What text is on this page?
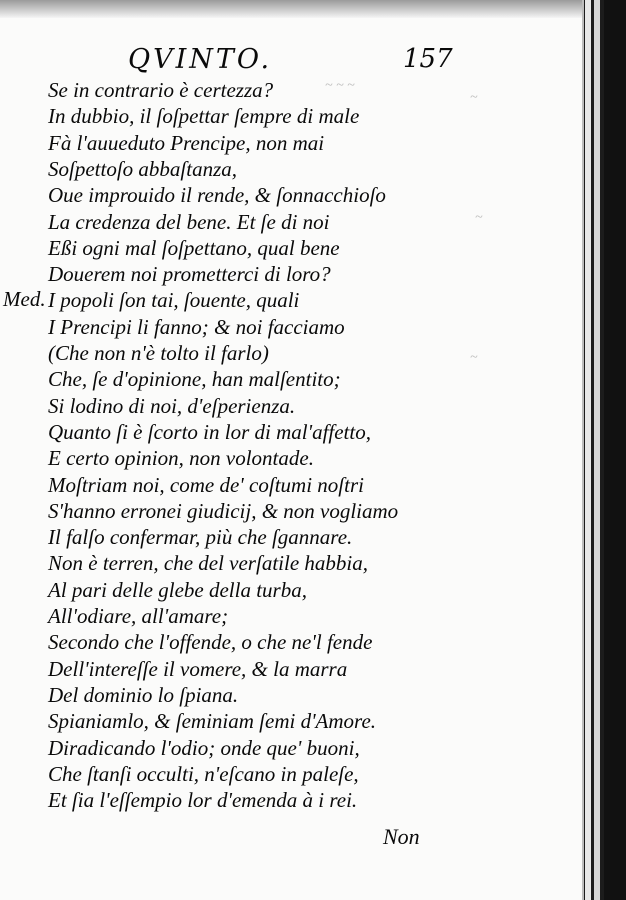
QVINTO.	157
Med.
Se in contrario è certezza?
In dubbio, il ſoſpettar ſempre di male
Fà l'auueduto Prencipe, non mai
Soſpettoſo abbaſtanza,
Oue improuido il rende, & ſonnacchioſo
La credenza del bene. Et ſe di noi
Eßi ogni mal ſoſpettano, qual bene
Douerem noi prometterci di loro?
I popoli ſon tai, ſouente, quali
I Prencipi li fanno; & noi facciamo
(Che non n'è tolto il farlo)
Che, ſe d'opinione, han malſentito;
Si lodino di noi, d'eſperienza.
Quanto ſi è ſcorto in lor di mal'affetto,
E certo opinion, non volontade.
Moſtriam noi, come de' coſtumi noſtri
S'hanno erronei giudicij, & non vogliamo
Il falſo confermar, più che ſgannare.
Non è terren, che del verſatile habbia,
Al pari delle glebe della turba,
All'odiare, all'amare;
Secondo che l'offende, o che ne'l fende
Dell'intereſſe il vomere, & la marra
Del dominio lo ſpiana.
Spianiamlo, & ſeminiam ſemi d'Amore.
Diradicando l'odio; onde que' buoni,
Che ſtanſi occulti, n'eſcano in paleſe,
Et ſia l'eſſempio lor d'emenda à i rei.
Non
~ ~ ~
~
~
~
